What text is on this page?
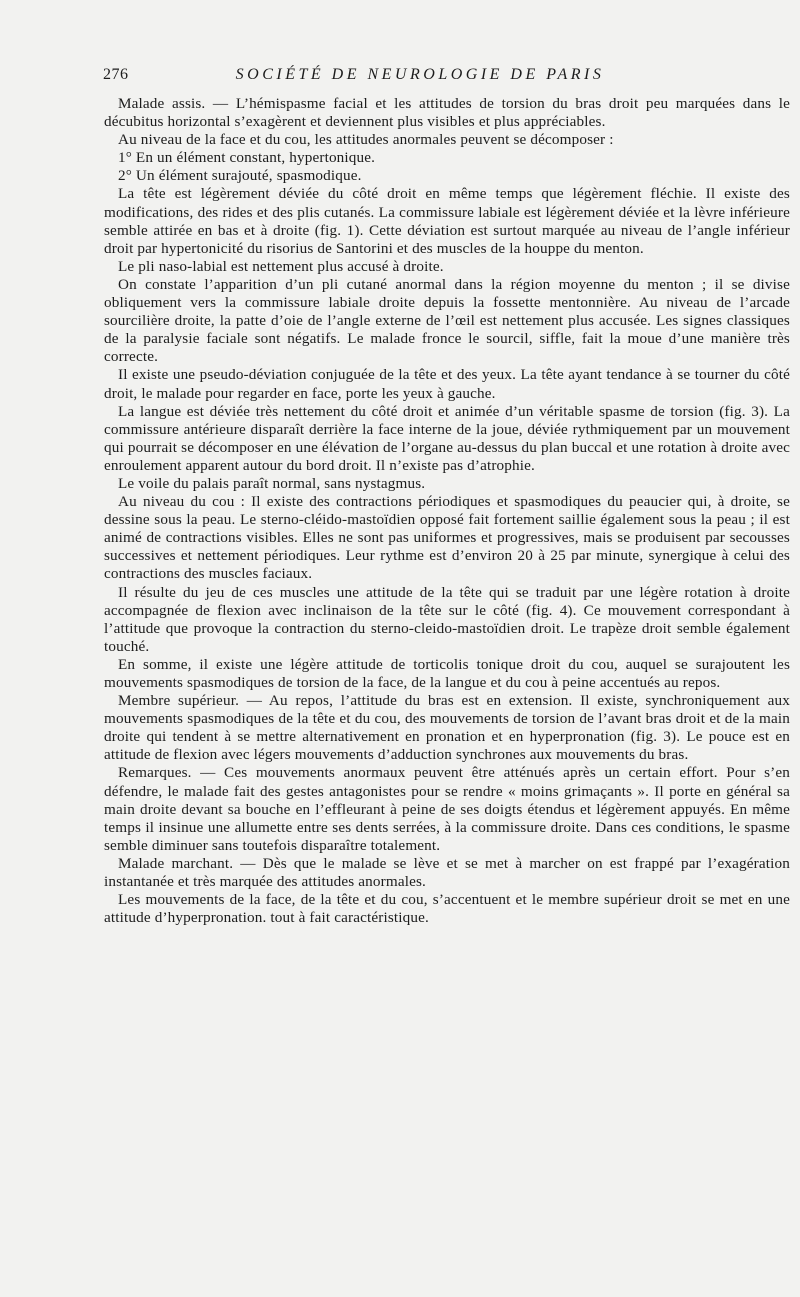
276	SOCIÉTÉ DE NEUROLOGIE DE PARIS

Malade assis. — L’hémispasme facial et les attitudes de torsion du bras droit peu marquées dans le décubitus horizontal s’exagèrent et deviennent plus visibles et plus appréciables.

Au niveau de la face et du cou, les attitudes anormales peuvent se décomposer :

1° En un élément constant, hypertonique.

2° Un élément surajouté, spasmodique.

La tête est légèrement déviée du côté droit en même temps que légèrement fléchie. Il existe des modifications, des rides et des plis cutanés. La commissure labiale est légèrement déviée et la lèvre inférieure semble attirée en bas et à droite (fig. 1). Cette déviation est surtout marquée au niveau de l’angle inférieur droit par hypertonicité du risorius de Santorini et des muscles de la houppe du menton.

Le pli naso-labial est nettement plus accusé à droite.

On constate l’apparition d’un pli cutané anormal dans la région moyenne du menton ; il se divise obliquement vers la commissure labiale droite depuis la fossette mentonnière. Au niveau de l’arcade sourcilière droite, la patte d’oie de l’angle externe de l’œil est nettement plus accusée. Les signes classiques de la paralysie faciale sont négatifs. Le malade fronce le sourcil, siffle, fait la moue d’une manière très correcte.

Il existe une pseudo-déviation conjuguée de la tête et des yeux. La tête ayant tendance à se tourner du côté droit, le malade pour regarder en face, porte les yeux à gauche.

La langue est déviée très nettement du côté droit et animée d’un véritable spasme de torsion (fig. 3). La commissure antérieure disparaît derrière la face interne de la joue, déviée rythmiquement par un mouvement qui pourrait se décomposer en une élévation de l’organe au-dessus du plan buccal et une rotation à droite avec enroulement apparent autour du bord droit. Il n’existe pas d’atrophie.

Le voile du palais paraît normal, sans nystagmus.

Au niveau du cou : Il existe des contractions périodiques et spasmodiques du peaucier qui, à droite, se dessine sous la peau. Le sterno-cléido-mastoïdien opposé fait fortement saillie également sous la peau ; il est animé de contractions visibles. Elles ne sont pas uniformes et progressives, mais se produisent par secousses successives et nettement périodiques. Leur rythme est d’environ 20 à 25 par minute, synergique à celui des contractions des muscles faciaux.

Il résulte du jeu de ces muscles une attitude de la tête qui se traduit par une légère rotation à droite accompagnée de flexion avec inclinaison de la tête sur le côté (fig. 4). Ce mouvement correspondant à l’attitude que provoque la contraction du sterno-cleido-mastoïdien droit. Le trapèze droit semble également touché.

En somme, il existe une légère attitude de torticolis tonique droit du cou, auquel se surajoutent les mouvements spasmodiques de torsion de la face, de la langue et du cou à peine accentués au repos.

Membre supérieur. — Au repos, l’attitude du bras est en extension. Il existe, synchroniquement aux mouvements spasmodiques de la tête et du cou, des mouvements de torsion de l’avant bras droit et de la main droite qui tendent à se mettre alternativement en pronation et en hyperpronation (fig. 3). Le pouce est en attitude de flexion avec légers mouvements d’adduction synchrones aux mouvements du bras.

Remarques. — Ces mouvements anormaux peuvent être atténués après un certain effort. Pour s’en défendre, le malade fait des gestes antagonistes pour se rendre « moins grimaçants ». Il porte en général sa main droite devant sa bouche en l’effleurant à peine de ses doigts étendus et légèrement appuyés. En même temps il insinue une allumette entre ses dents serrées, à la commissure droite. Dans ces conditions, le spasme semble diminuer sans toutefois disparaître totalement.

Malade marchant. — Dès que le malade se lève et se met à marcher on est frappé par l’exagération instantanée et très marquée des attitudes anormales.

Les mouvements de la face, de la tête et du cou, s’accentuent et le membre supérieur droit se met en une attitude d’hyperpronation. tout à fait caractéristique.
